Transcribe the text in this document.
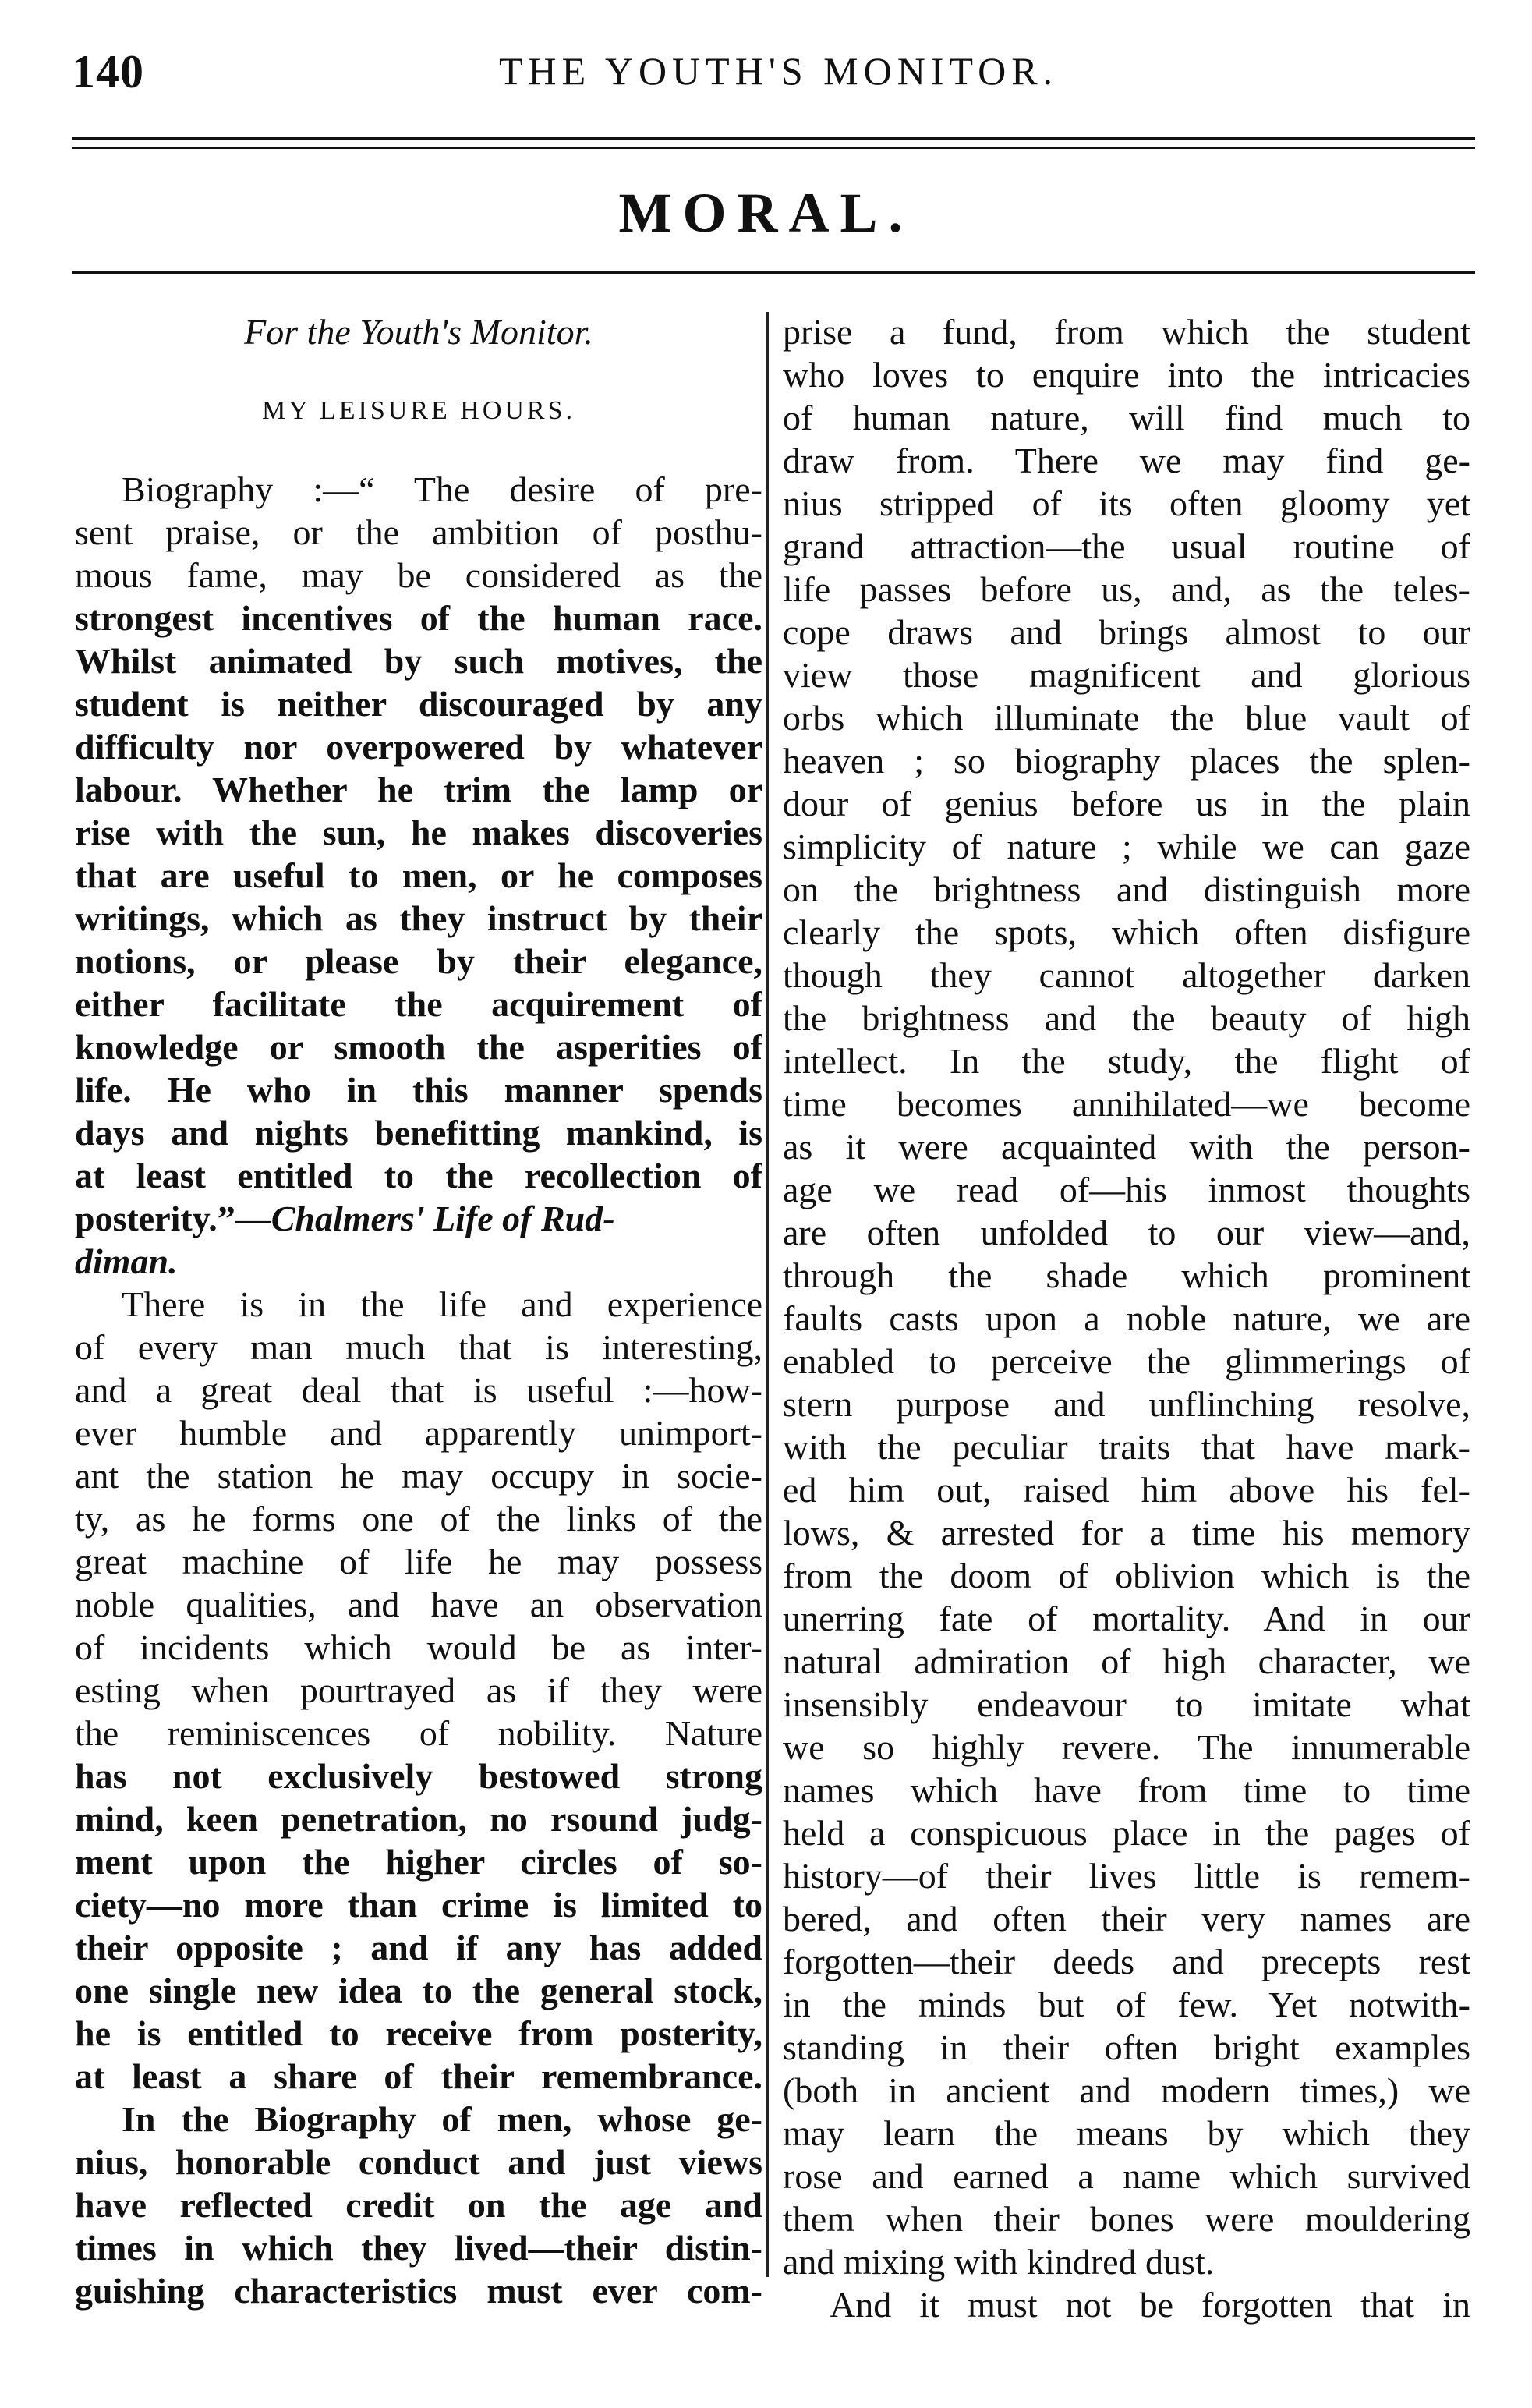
140	THE YOUTH'S MONITOR.
MORAL.
For the Youth's Monitor.
MY LEISURE HOURS.
Biography :—“ The desire of pre-
sent praise, or the ambition of posthu-
mous fame, may be considered as the
strongest incentives of the human race.
Whilst animated by such motives, the
student is neither discouraged by any
difficulty nor overpowered by whatever
labour. Whether he trim the lamp or
rise with the sun, he makes discoveries
that are useful to men, or he composes
writings, which as they instruct by their
notions, or please by their elegance,
either facilitate the acquirement of
knowledge or smooth the asperities of
life. He who in this manner spends
days and nights benefitting mankind, is
at least entitled to the recollection of
posterity.”—Chalmers' Life of Rud-
diman.
There is in the life and experience
of every man much that is interesting,
and a great deal that is useful :—how-
ever humble and apparently unimport-
ant the station he may occupy in socie-
ty, as he forms one of the links of the
great machine of life he may possess
noble qualities, and have an observation
of incidents which would be as inter-
esting when pourtrayed as if they were
the reminiscences of nobility. Nature
has not exclusively bestowed strong
mind, keen penetration, no rsound judg-
ment upon the higher circles of so-
ciety—no more than crime is limited to
their opposite ; and if any has added
one single new idea to the general stock,
he is entitled to receive from posterity,
at least a share of their remembrance.
In the Biography of men, whose ge-
nius, honorable conduct and just views
have reflected credit on the age and
times in which they lived—their distin-
guishing characteristics must ever com-
prise a fund, from which the student
who loves to enquire into the intricacies
of human nature, will find much to
draw from. There we may find ge-
nius stripped of its often gloomy yet
grand attraction—the usual routine of
life passes before us, and, as the teles-
cope draws and brings almost to our
view those magnificent and glorious
orbs which illuminate the blue vault of
heaven ; so biography places the splen-
dour of genius before us in the plain
simplicity of nature ; while we can gaze
on the brightness and distinguish more
clearly the spots, which often disfigure
though they cannot altogether darken
the brightness and the beauty of high
intellect. In the study, the flight of
time becomes annihilated—we become
as it were acquainted with the person-
age we read of—his inmost thoughts
are often unfolded to our view—and,
through the shade which prominent
faults casts upon a noble nature, we are
enabled to perceive the glimmerings of
stern purpose and unflinching resolve,
with the peculiar traits that have mark-
ed him out, raised him above his fel-
lows, & arrested for a time his memory
from the doom of oblivion which is the
unerring fate of mortality. And in our
natural admiration of high character, we
insensibly endeavour to imitate what
we so highly revere. The innumerable
names which have from time to time
held a conspicuous place in the pages of
history—of their lives little is remem-
bered, and often their very names are
forgotten—their deeds and precepts rest
in the minds but of few. Yet notwith-
standing in their often bright examples
(both in ancient and modern times,) we
may learn the means by which they
rose and earned a name which survived
them when their bones were mouldering
and mixing with kindred dust.
And it must not be forgotten that in
